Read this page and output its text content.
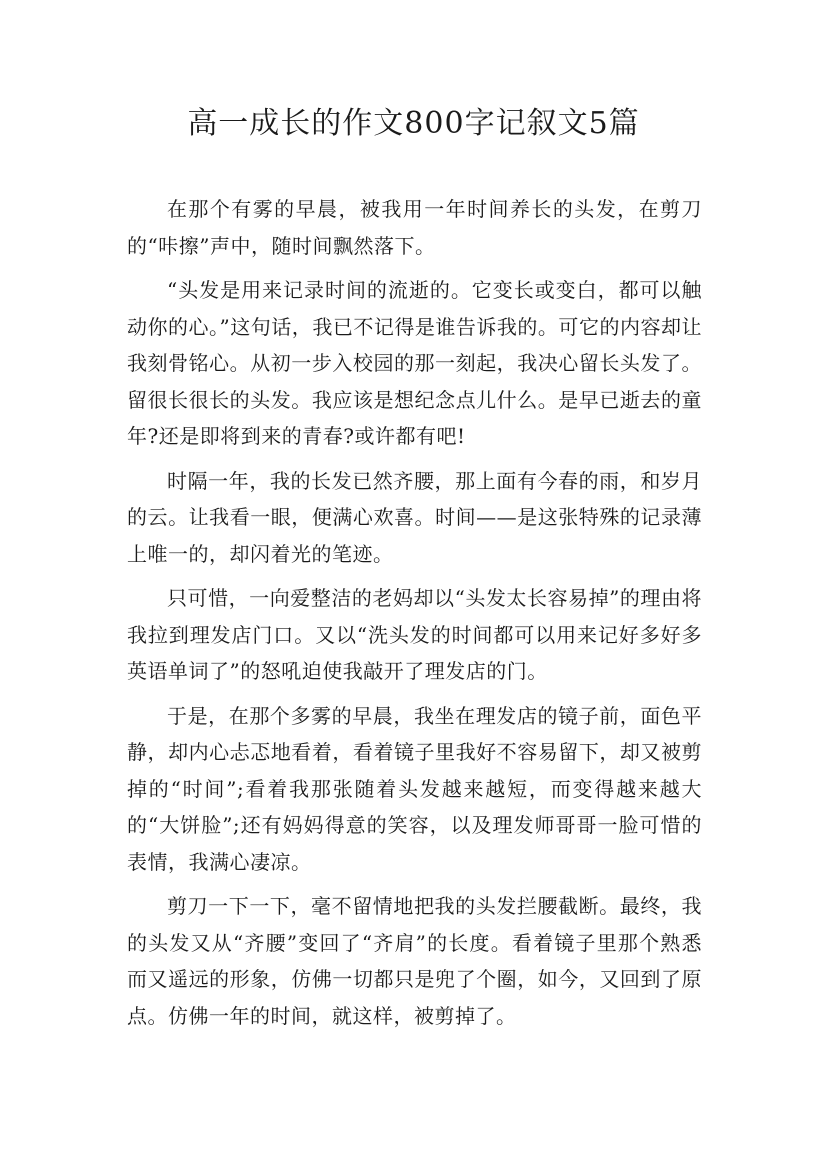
高一成长的作文800字记叙文5篇

在那个有雾的早晨，被我用一年时间养长的头发，在剪刀的“咔擦”声中，随时间飘然落下。

“头发是用来记录时间的流逝的。它变长或变白，都可以触动你的心。”这句话，我已不记得是谁告诉我的。可它的内容却让我刻骨铭心。从初一步入校园的那一刻起，我决心留长头发了。留很长很长的头发。我应该是想纪念点儿什么。是早已逝去的童年?还是即将到来的青春?或许都有吧!

时隔一年，我的长发已然齐腰，那上面有今春的雨，和岁月的云。让我看一眼，便满心欢喜。时间——是这张特殊的记录薄上唯一的，却闪着光的笔迹。

只可惜，一向爱整洁的老妈却以“头发太长容易掉”的理由将我拉到理发店门口。又以“洗头发的时间都可以用来记好多好多英语单词了”的怒吼迫使我敲开了理发店的门。

于是，在那个多雾的早晨，我坐在理发店的镜子前，面色平静，却内心忐忑地看着，看着镜子里我好不容易留下，却又被剪掉的“时间”;看着我那张随着头发越来越短，而变得越来越大的“大饼脸”;还有妈妈得意的笑容，以及理发师哥哥一脸可惜的表情，我满心凄凉。

剪刀一下一下，毫不留情地把我的头发拦腰截断。最终，我的头发又从“齐腰”变回了“齐肩”的长度。看着镜子里那个熟悉而又遥远的形象，仿佛一切都只是兜了个圈，如今，又回到了原点。仿佛一年的时间，就这样，被剪掉了。
